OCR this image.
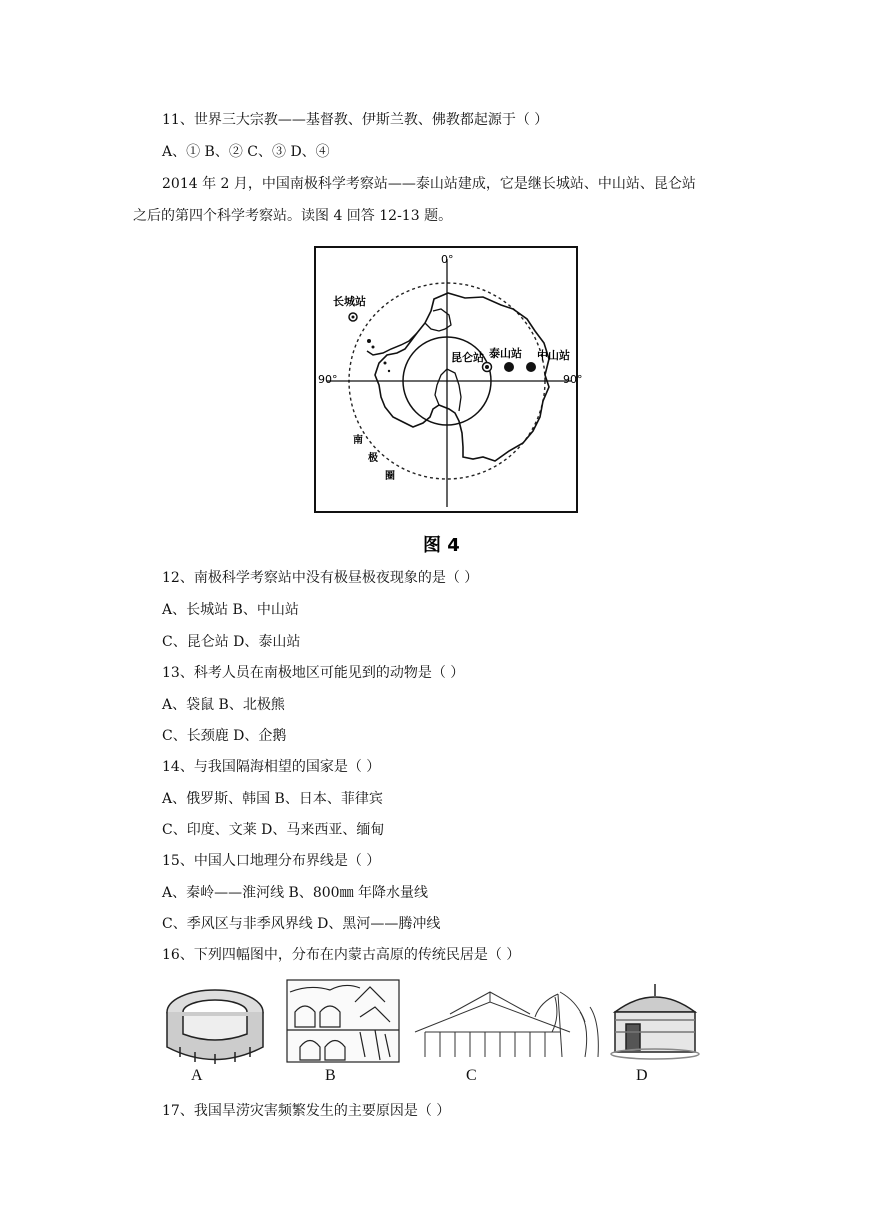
11、世界三大宗教——基督教、伊斯兰教、佛教都起源于（ ）
A、① B、② C、③ D、④
2014 年 2 月，中国南极科学考察站——泰山站建成，它是继长城站、中山站、昆仑站
之后的第四个科学考察站。读图 4 回答 12-13 题。
0°
90°	90°
长城站
昆仑站 泰山站 中山站
南
极
圈
图 4
12、南极科学考察站中没有极昼极夜现象的是（ ）
A、长城站 B、中山站
C、昆仑站 D、泰山站
13、科考人员在南极地区可能见到的动物是（ ）
A、袋鼠 B、北极熊
C、长颈鹿 D、企鹅
14、与我国隔海相望的国家是（ ）
A、俄罗斯、韩国 B、日本、菲律宾
C、印度、文莱 D、马来西亚、缅甸
15、中国人口地理分布界线是（ ）
A、秦岭——淮河线 B、800㎜ 年降水量线
C、季风区与非季风界线 D、黑河——腾冲线
16、下列四幅图中，分布在内蒙古高原的传统民居是（ ）
A	B	C	D
17、我国旱涝灾害频繁发生的主要原因是（ ）
